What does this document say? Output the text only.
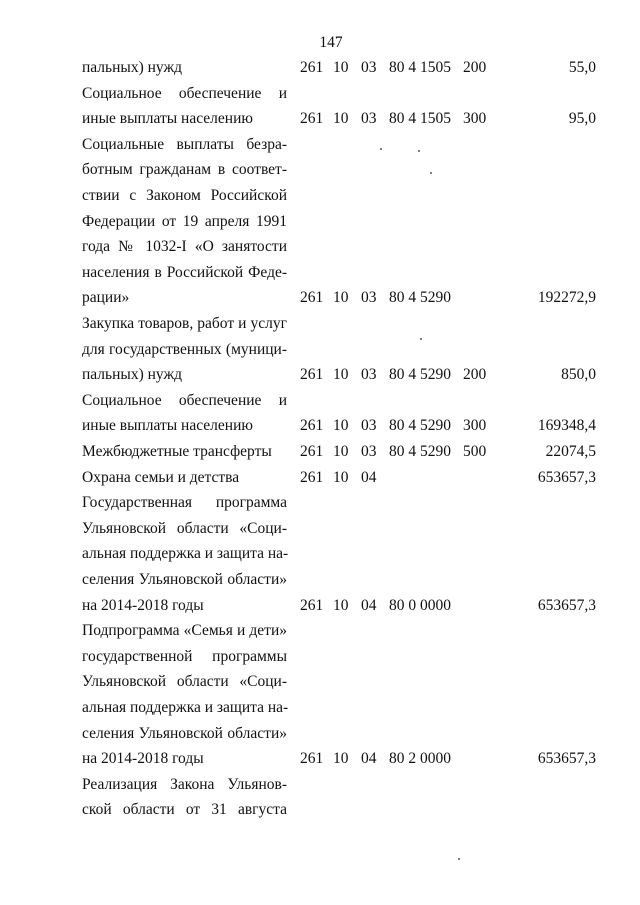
147
пальных) нужд	261 10 03 80 4 1505 200	55,0
Социальное обеспечение и
иные выплаты населению	261 10 03 80 4 1505 300	95,0
Социальные выплаты безра-
ботным гражданам в соответ-
ствии с Законом Российской
Федерации от 19 апреля 1991
года № 1032-I «О занятости
населения в Российской Феде-
рации»	261 10 03 80 4 5290	192272,9
Закупка товаров, работ и услуг
для государственных (муници-
пальных) нужд	261 10 03 80 4 5290 200	850,0
Социальное обеспечение и
иные выплаты населению	261 10 03 80 4 5290 300	169348,4
Межбюджетные трансферты	261 10 03 80 4 5290 500	22074,5
Охрана семьи и детства	261 10 04	653657,3
Государственная программа
Ульяновской области «Соци-
альная поддержка и защита на-
селения Ульяновской области»
на 2014-2018 годы	261 10 04 80 0 0000	653657,3
Подпрограмма «Семья и дети»
государственной программы
Ульяновской области «Соци-
альная поддержка и защита на-
селения Ульяновской области»
на 2014-2018 годы	261 10 04 80 2 0000	653657,3
Реализация Закона Ульянов-
ской области от 31 августа
